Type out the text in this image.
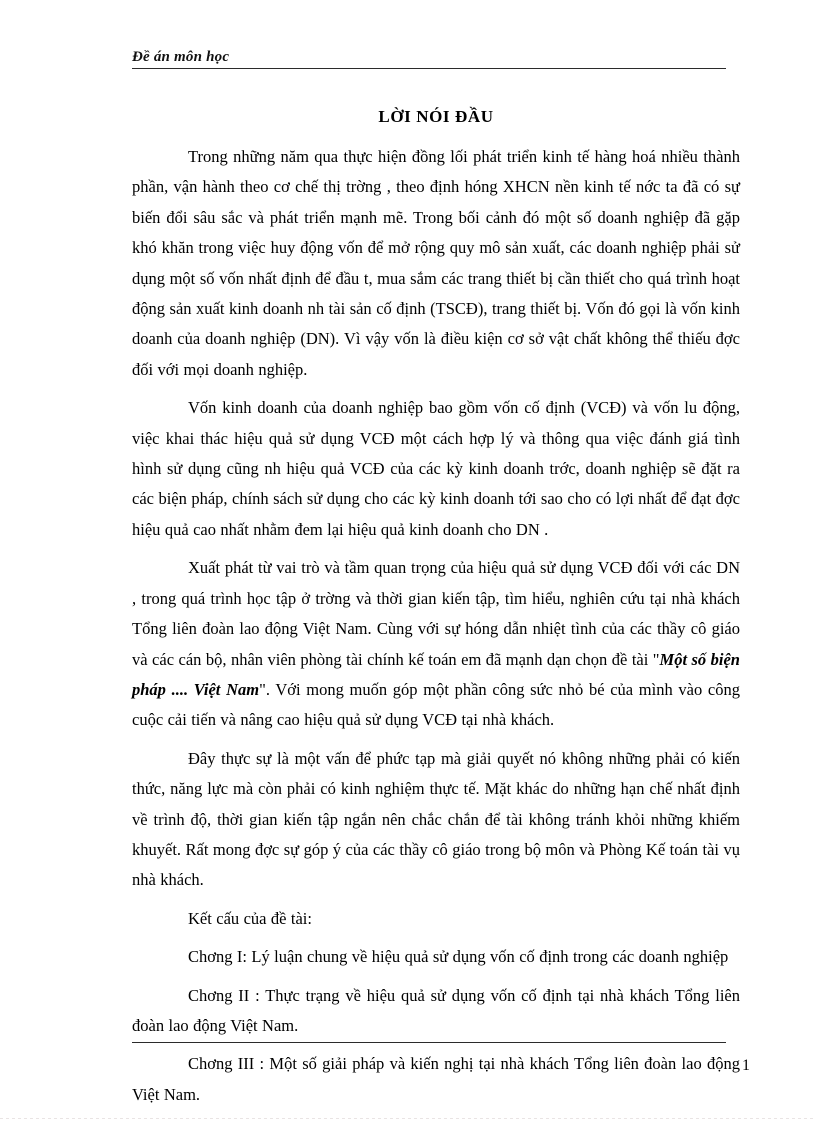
Đề án môn học
LỜI NÓI ĐẦU

Trong những năm qua thực hiện đồng lối phát triển kinh tế hàng hoá nhiều thành phần, vận hành theo cơ chế thị trờng , theo định hóng XHCN nền kinh tế nớc ta đã có sự biến đổi sâu sắc và phát triển mạnh mẽ. Trong bối cảnh đó một số doanh nghiệp đã gặp khó khăn trong việc huy động vốn để mở rộng quy mô sản xuất, các doanh nghiệp phải sử dụng một số vốn nhất định để đầu t, mua sắm các trang thiết bị cần thiết cho quá trình hoạt động sản xuất kinh doanh nh tài sản cố định (TSCĐ), trang thiết bị. Vốn đó gọi là vốn kinh doanh của doanh nghiệp (DN). Vì vậy vốn là điều kiện cơ sở vật chất không thể thiếu đợc đối với mọi doanh nghiệp.

Vốn kinh doanh của doanh nghiệp bao gồm vốn cố định (VCĐ) và vốn lu động, việc khai thác hiệu quả sử dụng VCĐ một cách hợp lý và thông qua việc đánh giá tình hình sử dụng cũng nh hiệu quả VCĐ của các kỳ kinh doanh trớc, doanh nghiệp sẽ đặt ra các biện pháp, chính sách sử dụng cho các kỳ kinh doanh tới sao cho có lợi nhất để đạt đợc hiệu quả cao nhất nhằm đem lại hiệu quả kinh doanh cho DN .

Xuất phát từ vai trò và tầm quan trọng của hiệu quả sử dụng VCĐ đối với các DN , trong quá trình học tập ở trờng và thời gian kiến tập, tìm hiểu, nghiên cứu tại nhà khách Tổng liên đoàn lao động Việt Nam. Cùng với sự hóng dẫn nhiệt tình của các thầy cô giáo và các cán bộ, nhân viên phòng tài chính kế toán em đã mạnh dạn chọn đề tài "Một số biện pháp .... Việt Nam". Với mong muốn góp một phần công sức nhỏ bé của mình vào công cuộc cải tiến và nâng cao hiệu quả sử dụng VCĐ tại nhà khách.

Đây thực sự là một vấn để phức tạp mà giải quyết nó không những phải có kiến thức, năng lực mà còn phải có kinh nghiệm thực tế. Mặt khác do những hạn chế nhất định về trình độ, thời gian kiến tập ngắn nên chắc chắn để tài không tránh khỏi những khiếm khuyết. Rất mong đợc sự góp ý của các thầy cô giáo trong bộ môn và Phòng Kế toán tài vụ nhà khách.

Kết cấu của đề tài:

Chơng I: Lý luận chung về hiệu quả sử dụng vốn cố định trong các doanh nghiệp

Chơng II : Thực trạng về hiệu quả sử dụng vốn cố định tại nhà khách Tổng liên đoàn lao động Việt Nam.

Chơng III : Một số giải pháp và kiến nghị tại nhà khách Tổng liên đoàn lao động Việt Nam.

1
